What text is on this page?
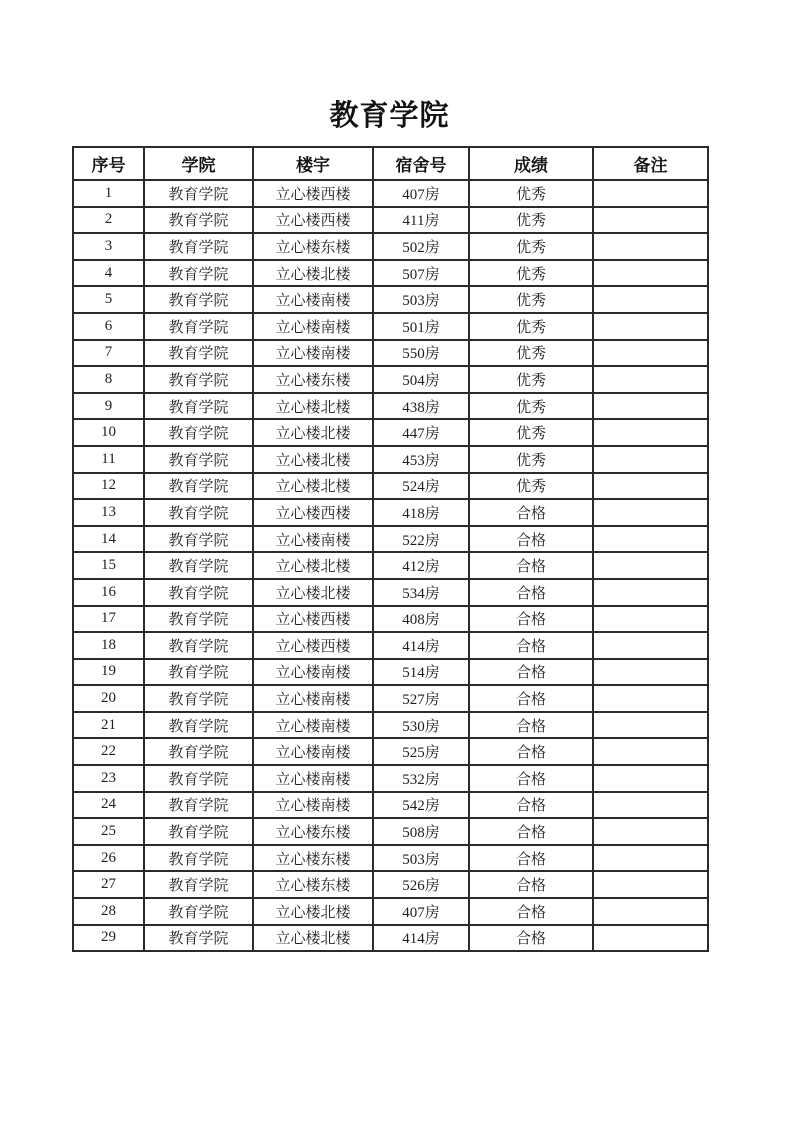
教育学院
序号	学院	楼宇	宿舍号	成绩	备注
1	教育学院	立心楼西楼	407房	优秀	
2	教育学院	立心楼西楼	411房	优秀	
3	教育学院	立心楼东楼	502房	优秀	
4	教育学院	立心楼北楼	507房	优秀	
5	教育学院	立心楼南楼	503房	优秀	
6	教育学院	立心楼南楼	501房	优秀	
7	教育学院	立心楼南楼	550房	优秀	
8	教育学院	立心楼东楼	504房	优秀	
9	教育学院	立心楼北楼	438房	优秀	
10	教育学院	立心楼北楼	447房	优秀	
11	教育学院	立心楼北楼	453房	优秀	
12	教育学院	立心楼北楼	524房	优秀	
13	教育学院	立心楼西楼	418房	合格	
14	教育学院	立心楼南楼	522房	合格	
15	教育学院	立心楼北楼	412房	合格	
16	教育学院	立心楼北楼	534房	合格	
17	教育学院	立心楼西楼	408房	合格	
18	教育学院	立心楼西楼	414房	合格	
19	教育学院	立心楼南楼	514房	合格	
20	教育学院	立心楼南楼	527房	合格	
21	教育学院	立心楼南楼	530房	合格	
22	教育学院	立心楼南楼	525房	合格	
23	教育学院	立心楼南楼	532房	合格	
24	教育学院	立心楼南楼	542房	合格	
25	教育学院	立心楼东楼	508房	合格	
26	教育学院	立心楼东楼	503房	合格	
27	教育学院	立心楼东楼	526房	合格	
28	教育学院	立心楼北楼	407房	合格	
29	教育学院	立心楼北楼	414房	合格	
